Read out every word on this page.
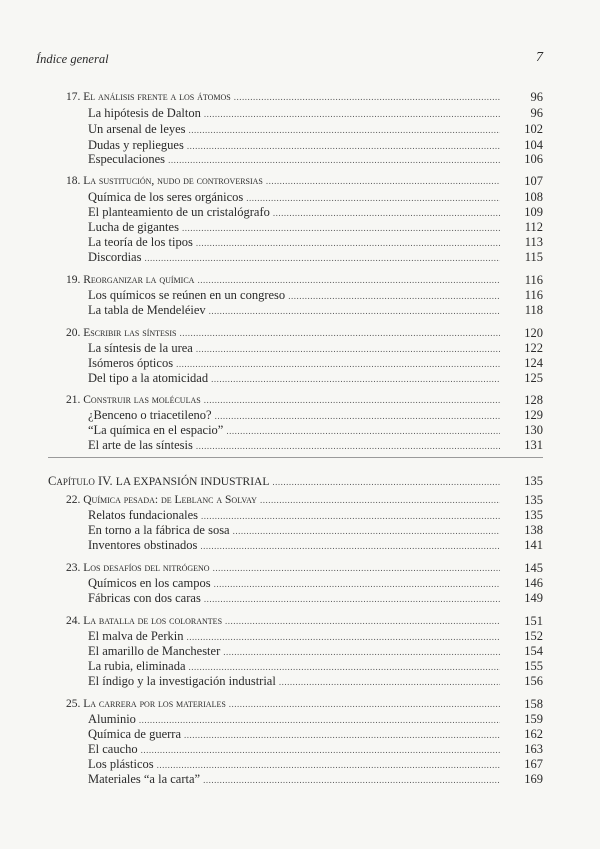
Índice general	7
17. El análisis frente a los átomos .....	96
La hipótesis de Dalton .....	96
Un arsenal de leyes .....	102
Dudas y repliegues .....	104
Especulaciones .....	106
18. La sustitución, nudo de controversias .....	107
Química de los seres orgánicos .....	108
El planteamiento de un cristalógrafo .....	109
Lucha de gigantes .....	112
La teoría de los tipos .....	113
Discordias .....	115
19. Reorganizar la química .....	116
Los químicos se reúnen en un congreso .....	116
La tabla de Mendeléiev .....	118
20. Escribir las síntesis .....	120
La síntesis de la urea .....	122
Isómeros ópticos .....	124
Del tipo a la atomicidad .....	125
21. Construir las moléculas .....	128
¿Benceno o triacetileno? .....	129
“La química en el espacio” .....	130
El arte de las síntesis .....	131
Capítulo IV. LA EXPANSIÓN INDUSTRIAL .....	135
22. Química pesada: de Leblanc a Solvay .....	135
Relatos fundacionales .....	135
En torno a la fábrica de sosa .....	138
Inventores obstinados .....	141
23. Los desafíos del nitrógeno .....	145
Químicos en los campos .....	146
Fábricas con dos caras .....	149
24. La batalla de los colorantes .....	151
El malva de Perkin .....	152
El amarillo de Manchester .....	154
La rubia, eliminada .....	155
El índigo y la investigación industrial .....	156
25. La carrera por los materiales .....	158
Aluminio .....	159
Química de guerra .....	162
El caucho .....	163
Los plásticos .....	167
Materiales “a la carta” .....	169
